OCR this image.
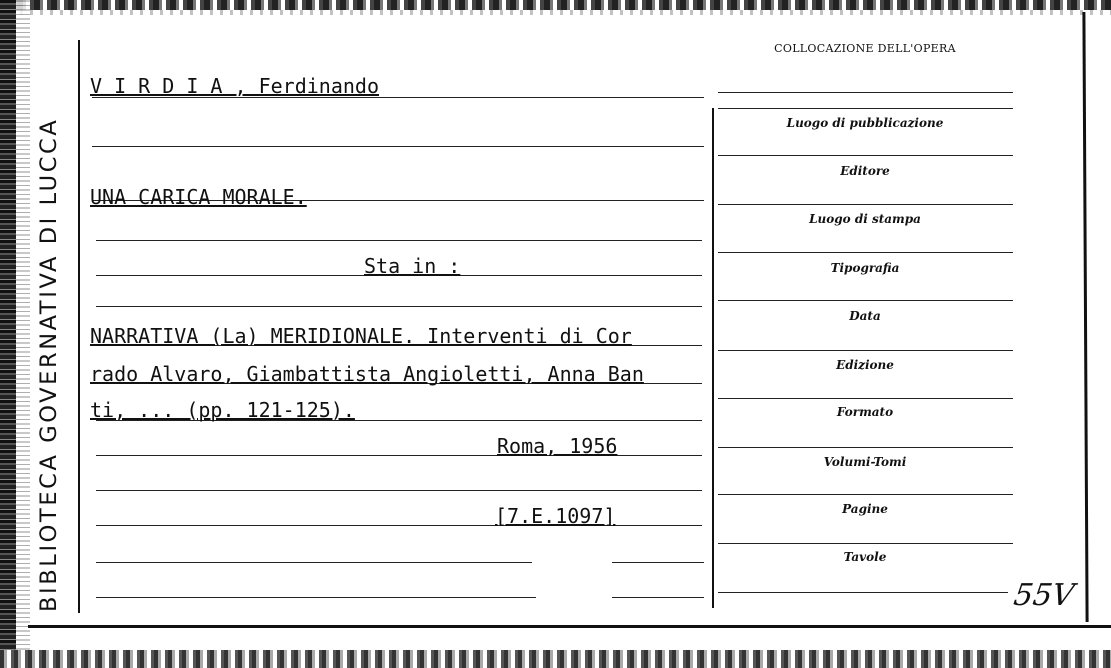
BIBLIOTECA GOVERNATIVA DI LUCCA
V I R D I A , Ferdinando
UNA CARICA MORALE.
Sta in :
NARRATIVA (La) MERIDIONALE. Interventi di Cor
rado Alvaro, Giambattista Angioletti, Anna Ban
ti, ... (pp. 121-125).
Roma, 1956
[7.E.1097]
COLLOCAZIONE DELL'OPERA
Luogo di pubblicazione
Editore
Luogo di stampa
Tipografia
Data
Edizione
Formato
Volumi-Tomi
Pagine
Tavole
55V
